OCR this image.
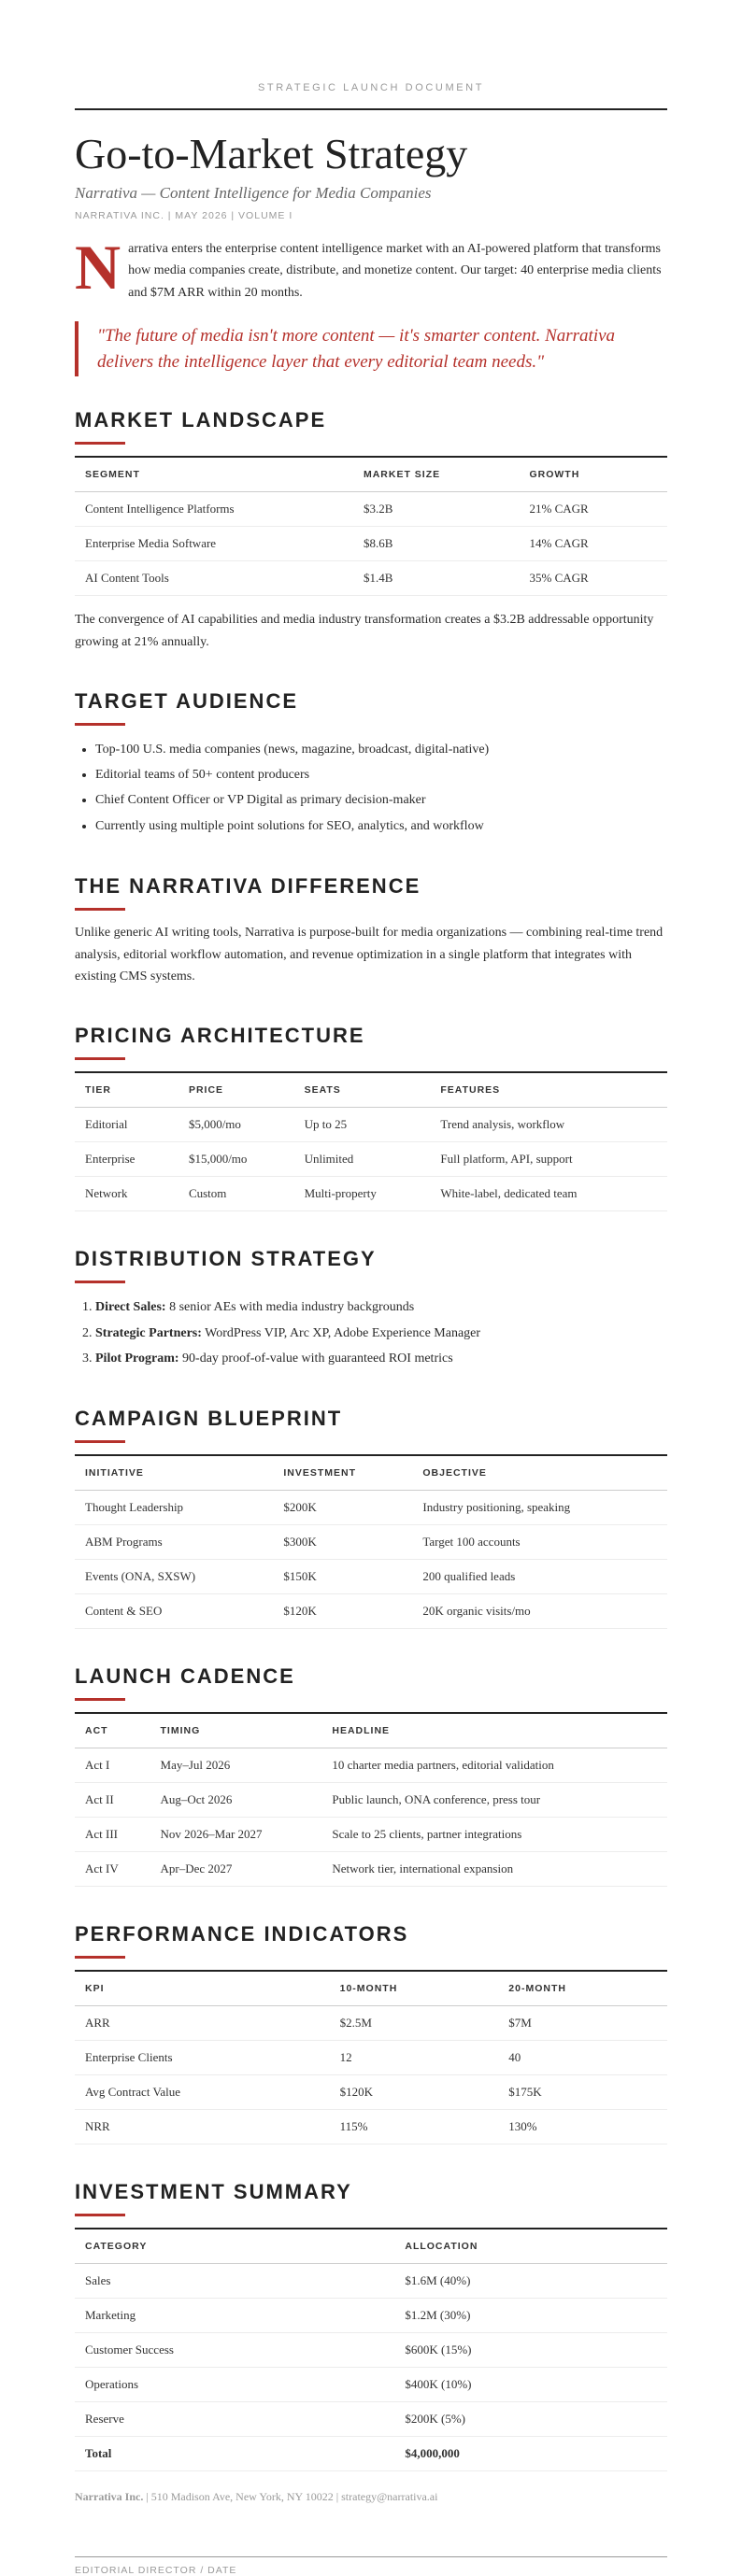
STRATEGIC LAUNCH DOCUMENT
Go-to-Market Strategy
Narrativa — Content Intelligence for Media Companies
NARRATIVA INC. | MAY 2026 | VOLUME I
N arrativa enters the enterprise content intelligence market with an AI-powered platform that transforms how media companies create, distribute, and monetize content. Our target: 40 enterprise media clients and $7M ARR within 20 months.
"The future of media isn't more content — it's smarter content. Narrativa delivers the intelligence layer that every editorial team needs."
MARKET LANDSCAPE
SEGMENT	MARKET SIZE	GROWTH
Content Intelligence Platforms	$3.2B	21% CAGR
Enterprise Media Software	$8.6B	14% CAGR
AI Content Tools	$1.4B	35% CAGR

The convergence of AI capabilities and media industry transformation creates a $3.2B addressable opportunity growing at 21% annually.

TARGET AUDIENCE
• Top-100 U.S. media companies (news, magazine, broadcast, digital-native)
• Editorial teams of 50+ content producers
• Chief Content Officer or VP Digital as primary decision-maker
• Currently using multiple point solutions for SEO, analytics, and workflow
THE NARRATIVA DIFFERENCE

Unlike generic AI writing tools, Narrativa is purpose-built for media organizations — combining real-time trend analysis, editorial workflow automation, and revenue optimization in a single platform that integrates with existing CMS systems.

PRICING ARCHITECTURE
TIER	PRICE	SEATS	FEATURES
Editorial	$5,000/mo	Up to 25	Trend analysis, workflow
Enterprise	$15,000/mo	Unlimited	Full platform, API, support
Network	Custom	Multi-property	White-label, dedicated team
DISTRIBUTION STRATEGY
1. Direct Sales: 8 senior AEs with media industry backgrounds
2. Strategic Partners: WordPress VIP, Arc XP, Adobe Experience Manager
3. Pilot Program: 90-day proof-of-value with guaranteed ROI metrics
CAMPAIGN BLUEPRINT
INITIATIVE	INVESTMENT	OBJECTIVE
Thought Leadership	$200K	Industry positioning, speaking
ABM Programs	$300K	Target 100 accounts
Events (ONA, SXSW)	$150K	200 qualified leads
Content & SEO	$120K	20K organic visits/mo
LAUNCH CADENCE
ACT	TIMING	HEADLINE
Act I	May–Jul 2026	10 charter media partners, editorial validation
Act II	Aug–Oct 2026	Public launch, ONA conference, press tour
Act III	Nov 2026–Mar 2027	Scale to 25 clients, partner integrations
Act IV	Apr–Dec 2027	Network tier, international expansion
PERFORMANCE INDICATORS
KPI	10-MONTH	20-MONTH
ARR	$2.5M	$7M
Enterprise Clients	12	40
Avg Contract Value	$120K	$175K
NRR	115%	130%
INVESTMENT SUMMARY
CATEGORY	ALLOCATION
Sales	$1.6M (40%)
Marketing	$1.2M (30%)
Customer Success	$600K (15%)
Operations	$400K (10%)
Reserve	$200K (5%)
Total	$4,000,000
Narrativa Inc. | 510 Madison Ave, New York, NY 10022 | strategy@narrativa.ai
EDITORIAL DIRECTOR / DATE
